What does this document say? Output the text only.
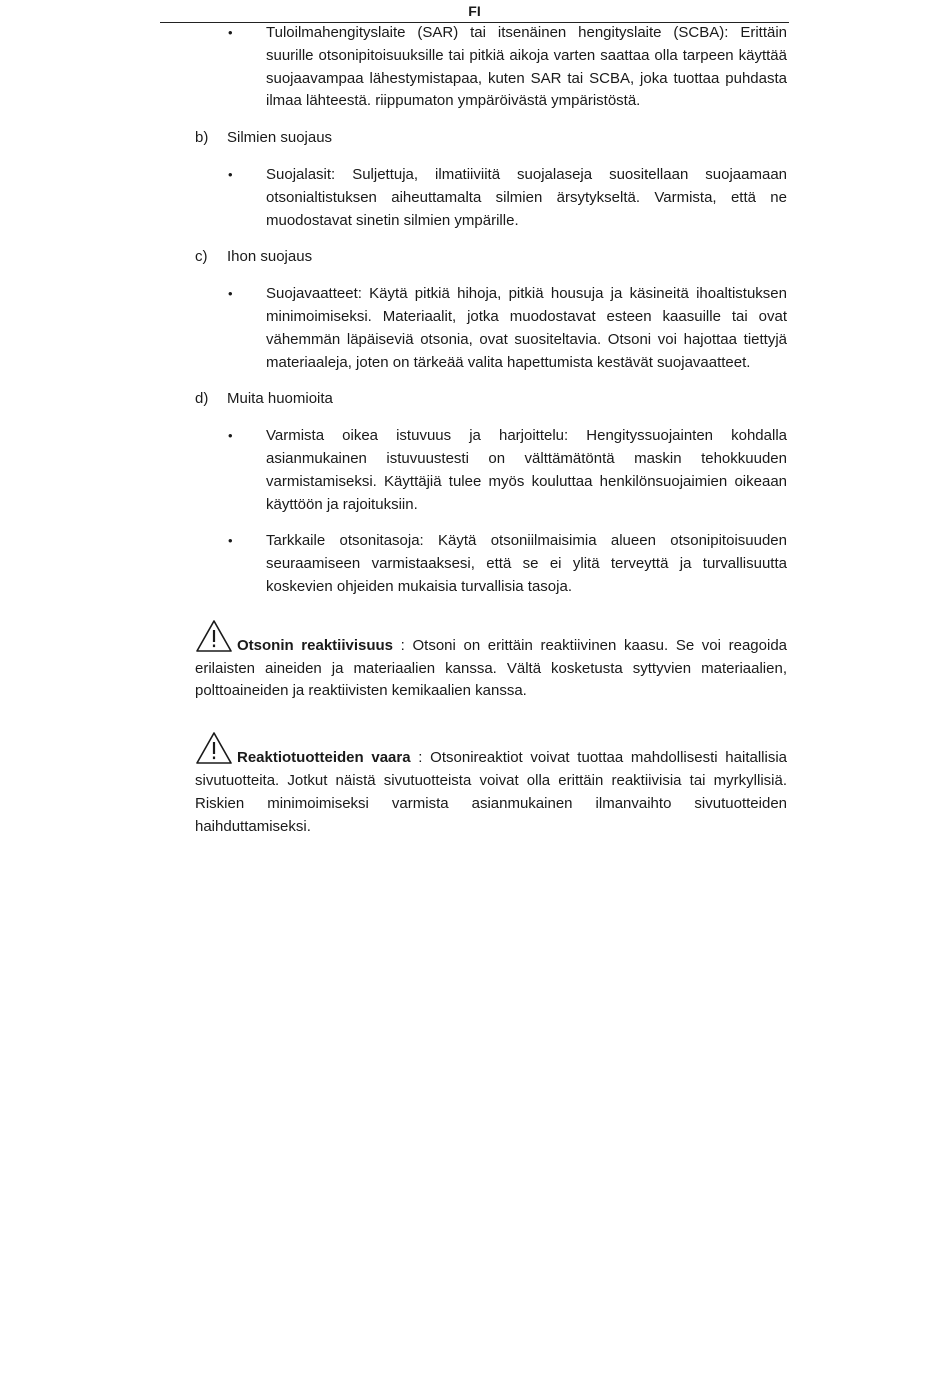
FI
• Tuloilmahengityslaite (SAR) tai itsenäinen hengityslaite (SCBA): Erittäin suurille otsonipitoisuuksille tai pitkiä aikoja varten saattaa olla tarpeen käyttää suojaavampaa lähestymistapaa, kuten SAR tai SCBA, joka tuottaa puhdasta ilmaa lähteestä. riippumaton ympäröivästä ympäristöstä.
b) Silmien suojaus
• Suojalasit: Suljettuja, ilmatiiviitä suojalaseja suositellaan suojaamaan otsonialtistuksen aiheuttamalta silmien ärsytykseltä. Varmista, että ne muodostavat sinetin silmien ympärille.
c) Ihon suojaus
• Suojavaatteet: Käytä pitkiä hihoja, pitkiä housuja ja käsineitä ihoaltistuksen minimoimiseksi. Materiaalit, jotka muodostavat esteen kaasuille tai ovat vähemmän läpäiseviä otsonia, ovat suositeltavia. Otsoni voi hajottaa tiettyjä materiaaleja, joten on tärkeää valita hapettumista kestävät suojavaatteet.
d) Muita huomioita
• Varmista oikea istuvuus ja harjoittelu: Hengityssuojainten kohdalla asianmukainen istuvuustesti on välttämätöntä maskin tehokkuuden varmistamiseksi. Käyttäjiä tulee myös kouluttaa henkilönsuojaimien oikeaan käyttöön ja rajoituksiin.
• Tarkkaile otsonitasoja: Käytä otsoniilmaisimia alueen otsonipitoisuuden seuraamiseen varmistaaksesi, että se ei ylitä terveyttä ja turvallisuutta koskevien ohjeiden mukaisia turvallisia tasoja.
Otsonin reaktiivisuus : Otsoni on erittäin reaktiivinen kaasu. Se voi reagoida erilaisten aineiden ja materiaalien kanssa. Vältä kosketusta syttyvien materiaalien, polttoaineiden ja reaktiivisten kemikaalien kanssa.
Reaktiotuotteiden vaara : Otsonireaktiot voivat tuottaa mahdollisesti haitallisia sivutuotteita. Jotkut näistä sivutuotteista voivat olla erittäin reaktiivisia tai myrkyllisiä. Riskien minimoimiseksi varmista asianmukainen ilmanvaihto sivutuotteiden haihduttamiseksi.
